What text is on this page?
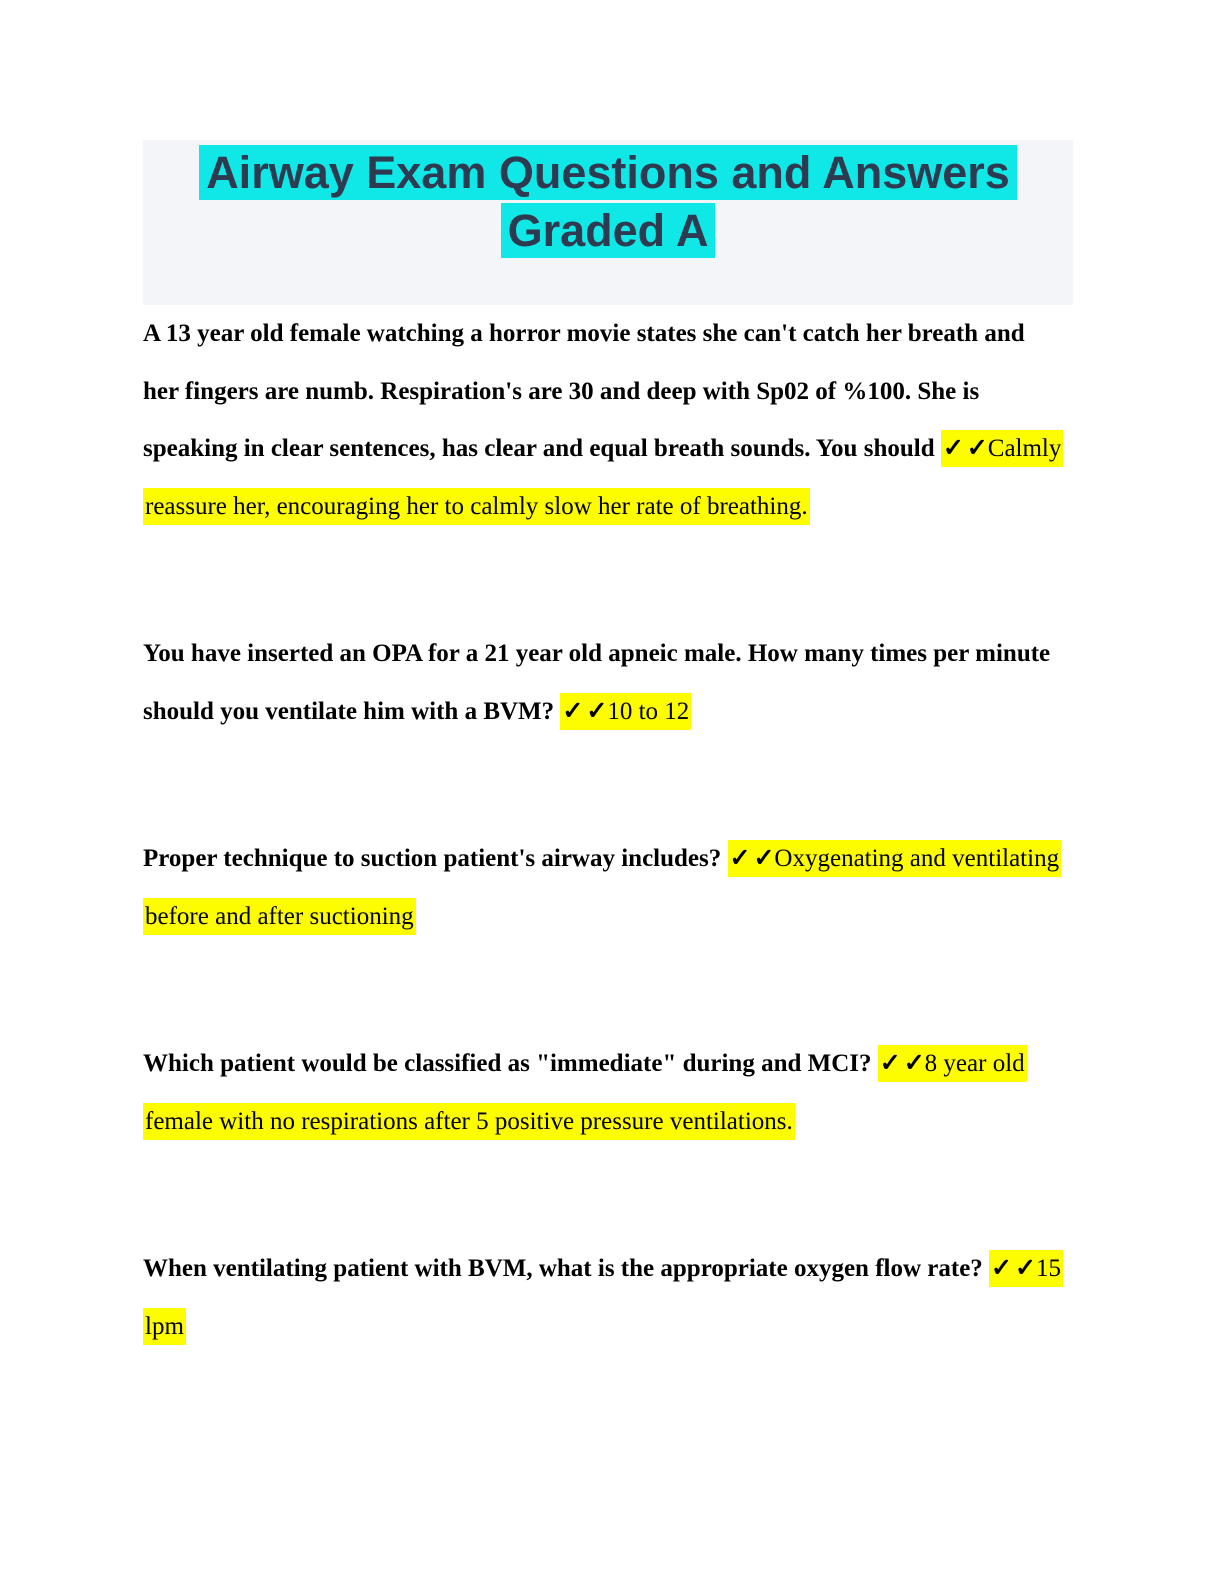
Airway Exam Questions and Answers Graded A

A 13 year old female watching a horror movie states she can't catch her breath and her fingers are numb. Respiration's are 30 and deep with Sp02 of %100. She is speaking in clear sentences, has clear and equal breath sounds. You should ✓✓Calmly reassure her, encouraging her to calmly slow her rate of breathing.

You have inserted an OPA for a 21 year old apneic male. How many times per minute should you ventilate him with a BVM? ✓✓10 to 12

Proper technique to suction patient's airway includes? ✓✓Oxygenating and ventilating before and after suctioning

Which patient would be classified as "immediate" during and MCI? ✓✓8 year old female with no respirations after 5 positive pressure ventilations.

When ventilating patient with BVM, what is the appropriate oxygen flow rate? ✓✓15 lpm
